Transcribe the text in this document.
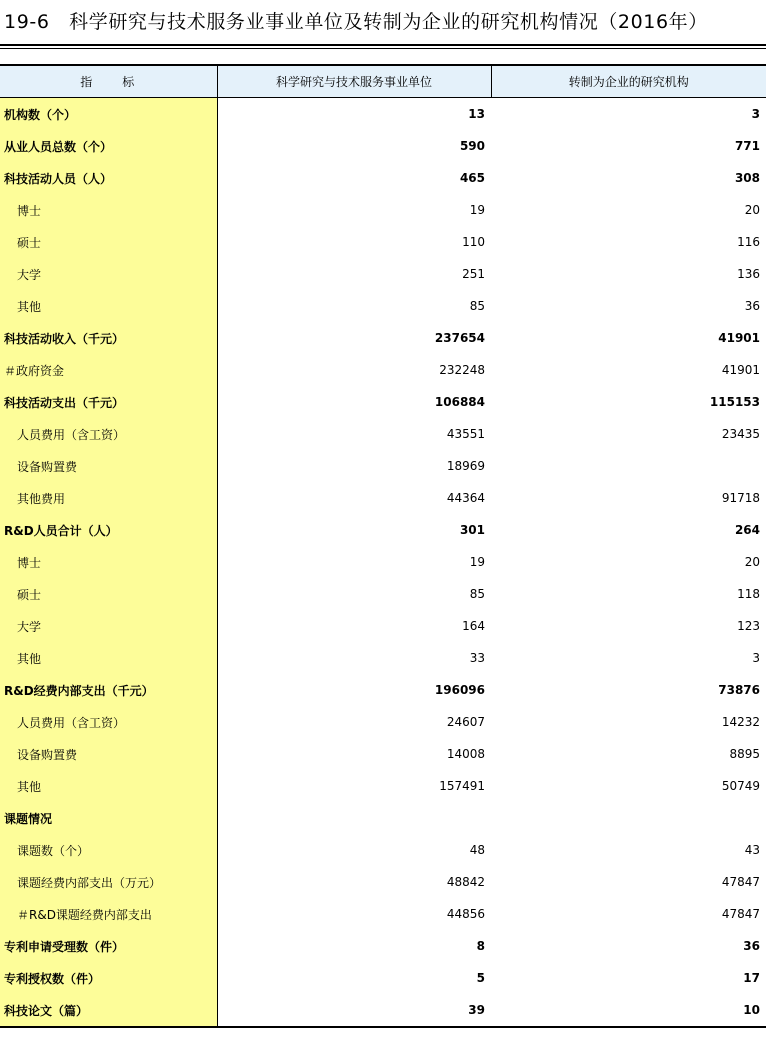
19-6　科学研究与技术服务业事业单位及转制为企业的研究机构情况（2016年）
指　　标	科学研究与技术服务事业单位	转制为企业的研究机构
机构数（个）	13	3
从业人员总数（个）	590	771
科技活动人员（人）	465	308
博士	19	20
硕士	110	116
大学	251	136
其他	85	36
科技活动收入（千元）	237654	41901
＃政府资金	232248	41901
科技活动支出（千元）	106884	115153
人员费用（含工资）	43551	23435
设备购置费	18969	
其他费用	44364	91718
R&D人员合计（人）	301	264
博士	19	20
硕士	85	118
大学	164	123
其他	33	3
R&D经费内部支出（千元）	196096	73876
人员费用（含工资）	24607	14232
设备购置费	14008	8895
其他	157491	50749
课题情况		
课题数（个）	48	43
课题经费内部支出（万元）	48842	47847
＃R&D课题经费内部支出	44856	47847
专利申请受理数（件）	8	36
专利授权数（件）	5	17
科技论文（篇）	39	10
